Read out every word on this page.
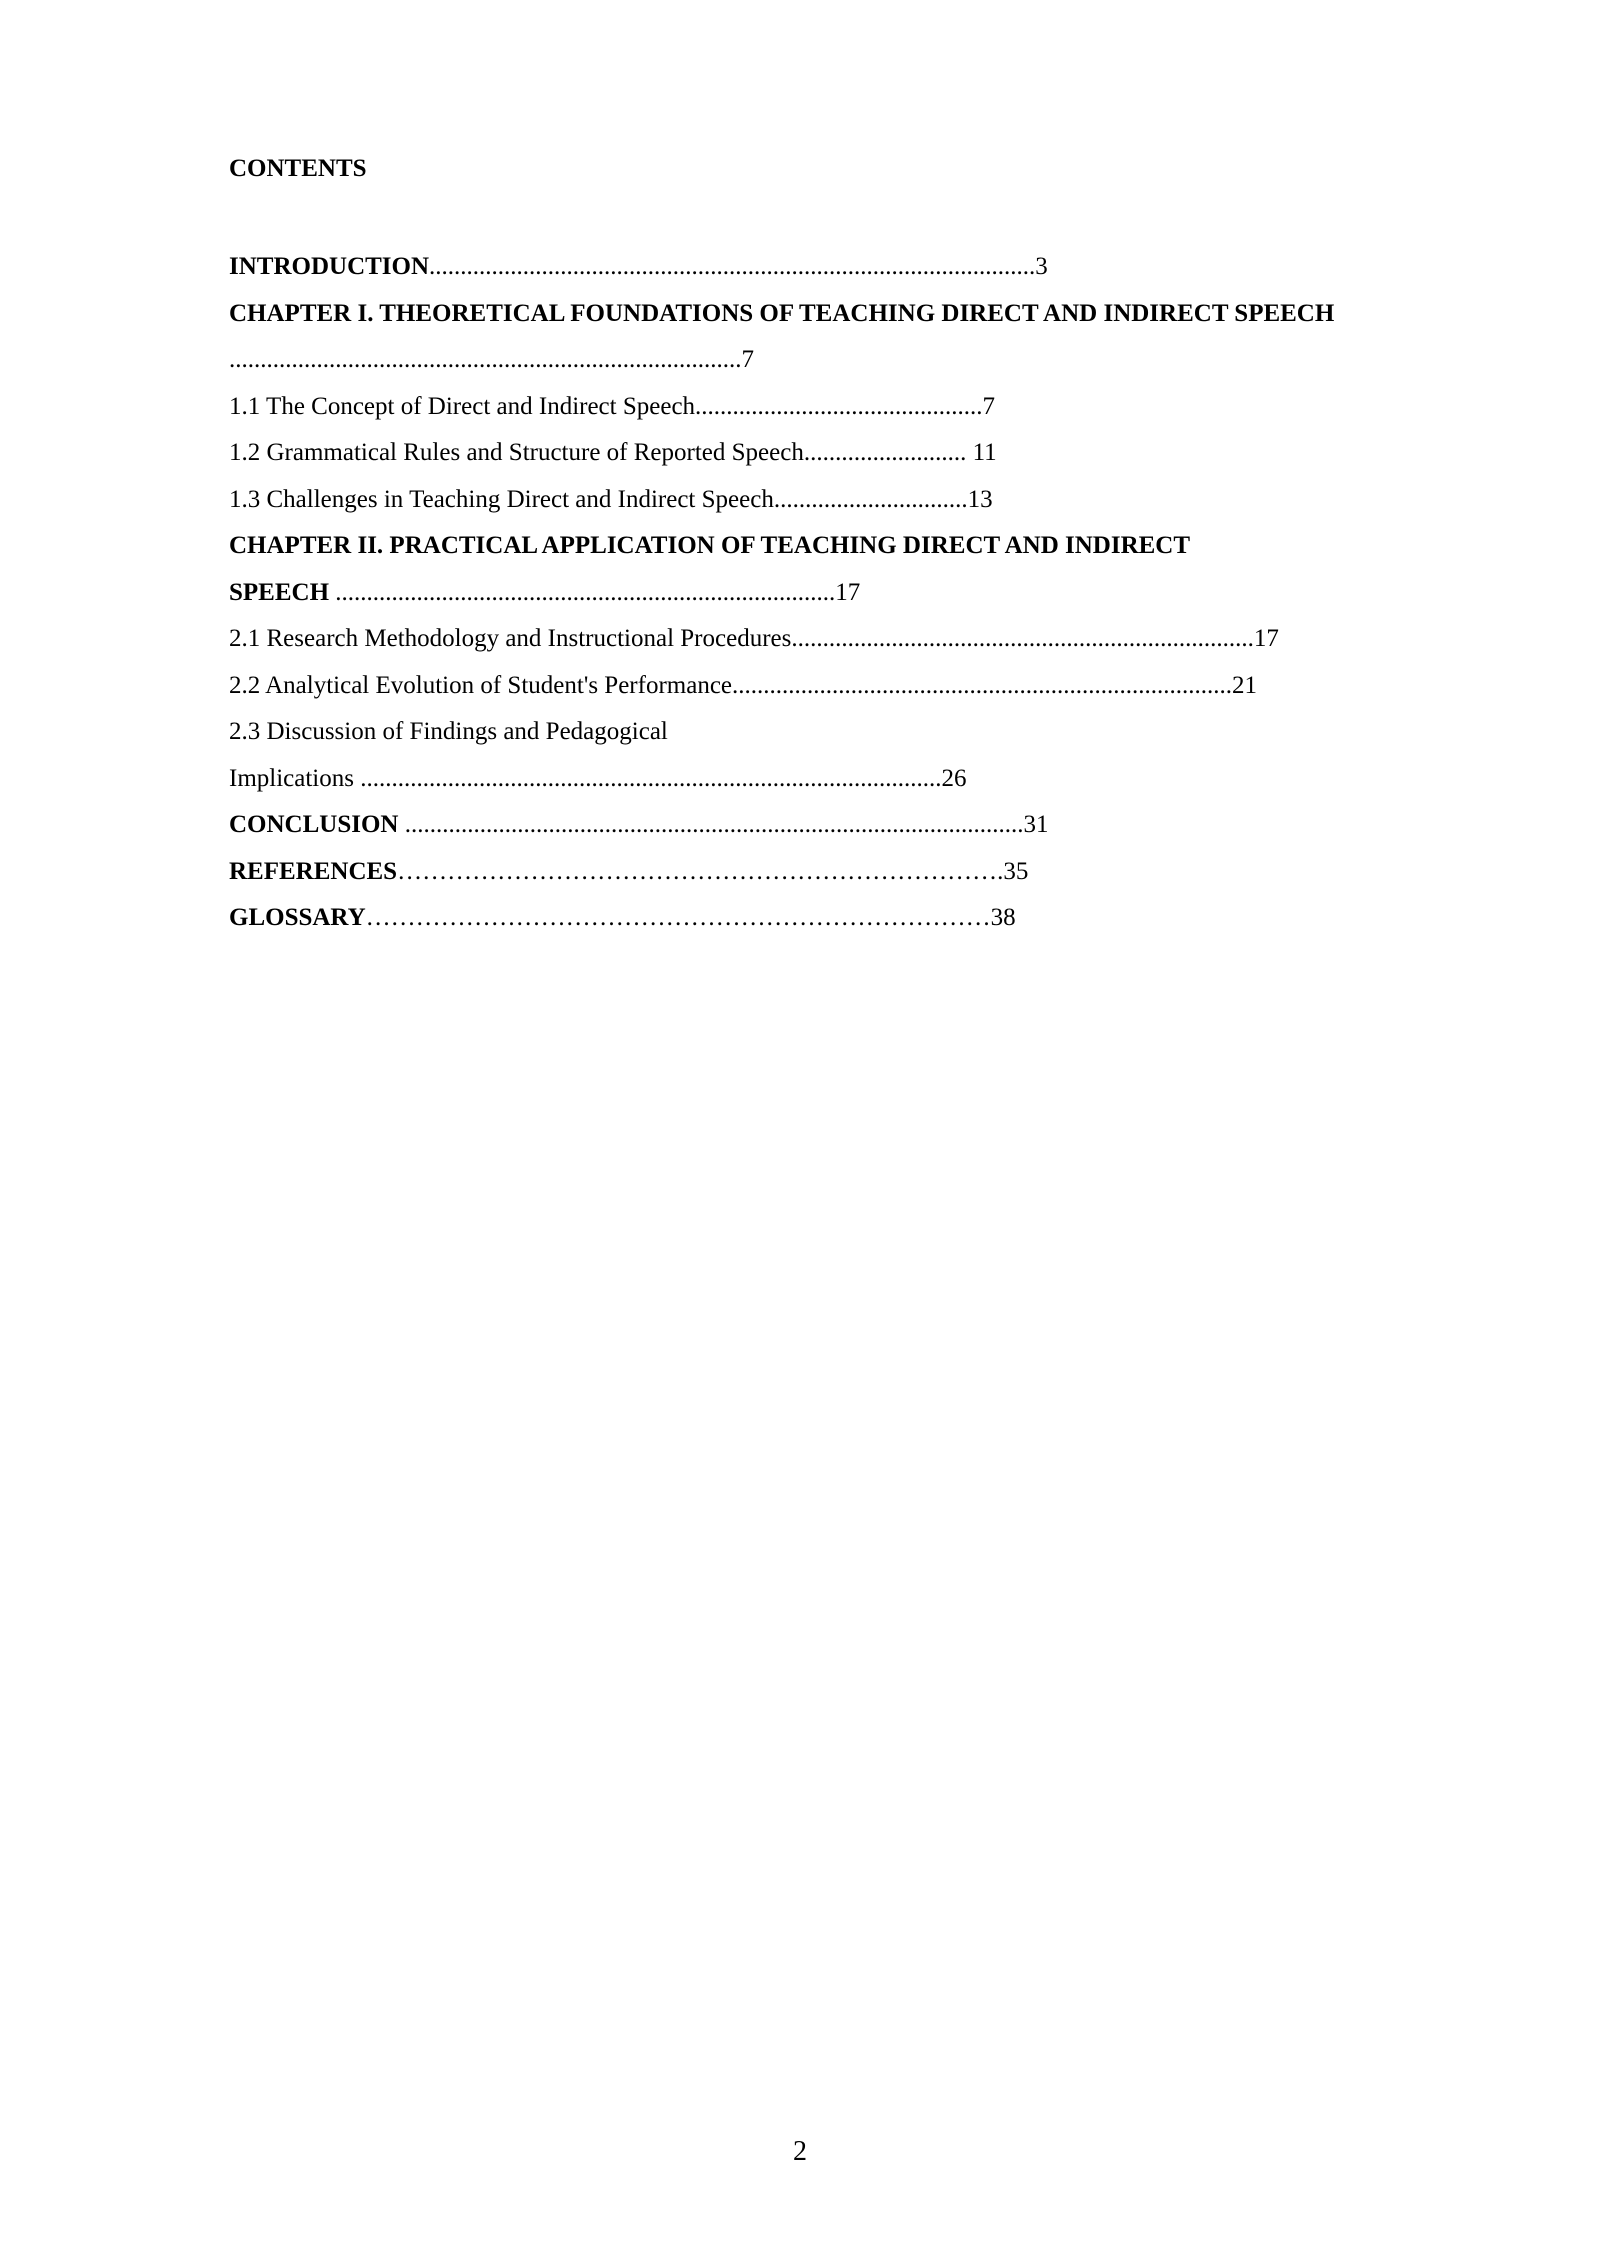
CONTENTS
INTRODUCTION.................................................................................................3
CHAPTER I. THEORETICAL FOUNDATIONS OF TEACHING DIRECT AND INDIRECT SPEECH
..................................................................................7
1.1 The Concept of Direct and Indirect Speech..............................................7
1.2 Grammatical Rules and Structure of Reported Speech.......................... 11
1.3 Challenges in Teaching Direct and Indirect Speech...............................13
CHAPTER II. PRACTICAL APPLICATION OF TEACHING DIRECT AND INDIRECT
SPEECH ................................................................................17
2.1 Research Methodology and Instructional Procedures..........................................................................17
2.2 Analytical Evolution of Student's Performance................................................................................21
2.3 Discussion of Findings and Pedagogical
Implications .............................................................................................26
CONCLUSION ...................................................................................................31
REFERENCES……………………………………………………………….35
GLOSSARY…………………………………………………………………38
2
